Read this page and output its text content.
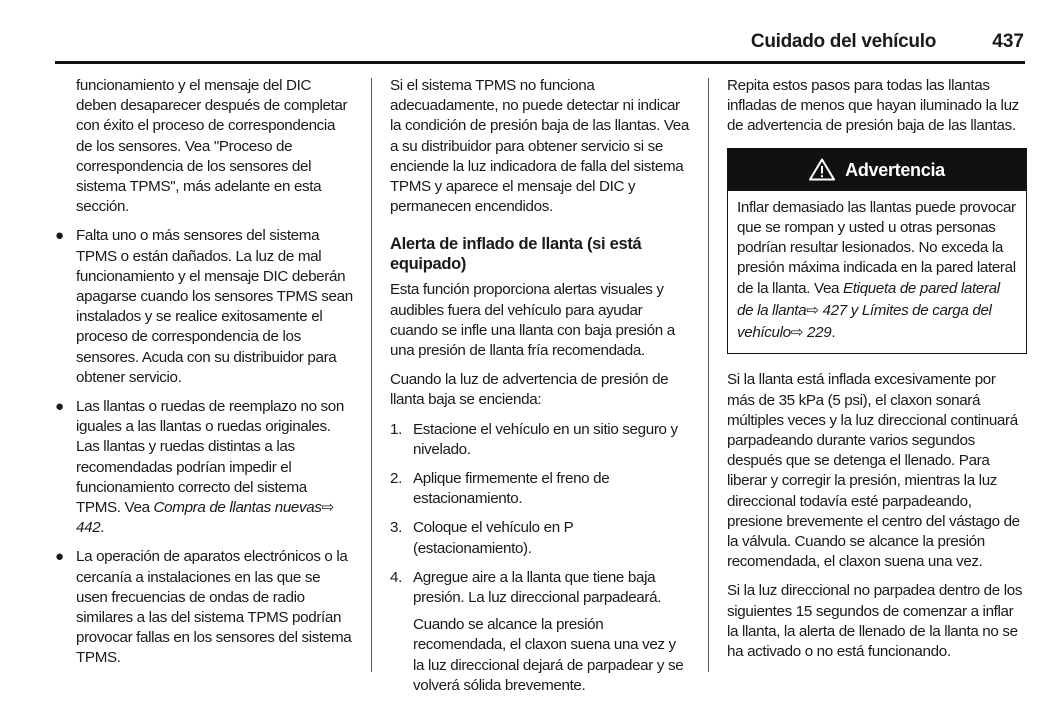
Cuidado del vehículo	437

funcionamiento y el mensaje del DIC deben desaparecer después de completar con éxito el proceso de correspondencia de los sensores. Vea "Proceso de correspondencia de los sensores del sistema TPMS", más adelante en esta sección.

● Falta uno o más sensores del sistema TPMS o están dañados. La luz de mal funcionamiento y el mensaje DIC deberán apagarse cuando los sensores TPMS sean instalados y se realice exitosamente el proceso de correspondencia de los sensores. Acuda con su distribuidor para obtener servicio.
● Las llantas o ruedas de reemplazo no son iguales a las llantas o ruedas originales. Las llantas y ruedas distintas a las recomendadas podrían impedir el funcionamiento correcto del sistema TPMS. Vea Compra de llantas nuevas⇨ 442.
● La operación de aparatos electrónicos o la cercanía a instalaciones en las que se usen frecuencias de ondas de radio similares a las del sistema TPMS podrían provocar fallas en los sensores del sistema TPMS.

Si el sistema TPMS no funciona adecuadamente, no puede detectar ni indicar la condición de presión baja de las llantas. Vea a su distribuidor para obtener servicio si se enciende la luz indicadora de falla del sistema TPMS y aparece el mensaje del DIC y permanecen encendidos.

Alerta de inflado de llanta (si está equipado)

Esta función proporciona alertas visuales y audibles fuera del vehículo para ayudar cuando se infle una llanta con baja presión a una presión de llanta fría recomendada.

Cuando la luz de advertencia de presión de llanta baja se encienda:

1. Estacione el vehículo en un sitio seguro y nivelado.
2. Aplique firmemente el freno de estacionamiento.
3. Coloque el vehículo en P (estacionamiento).
4. Agregue aire a la llanta que tiene baja presión. La luz direccional parpadeará.

Cuando se alcance la presión recomendada, el claxon suena una vez y la luz direccional dejará de parpadear y se volverá sólida brevemente.

Repita estos pasos para todas las llantas infladas de menos que hayan iluminado la luz de advertencia de presión baja de las llantas.

Advertencia
Inflar demasiado las llantas puede provocar que se rompan y usted u otras personas podrían resultar lesionados. No exceda la presión máxima indicada en la pared lateral de la llanta. Vea Etiqueta de pared lateral de la llanta⇨ 427 y Límites de carga del vehículo⇨ 229.

Si la llanta está inflada excesivamente por más de 35 kPa (5 psi), el claxon sonará múltiples veces y la luz direccional continuará parpadeando durante varios segundos después que se detenga el llenado. Para liberar y corregir la presión, mientras la luz direccional todavía esté parpadeando, presione brevemente el centro del vástago de la válvula. Cuando se alcance la presión recomendada, el claxon suena una vez.

Si la luz direccional no parpadea dentro de los siguientes 15 segundos de comenzar a inflar la llanta, la alerta de llenado de la llanta no se ha activado o no está funcionando.
